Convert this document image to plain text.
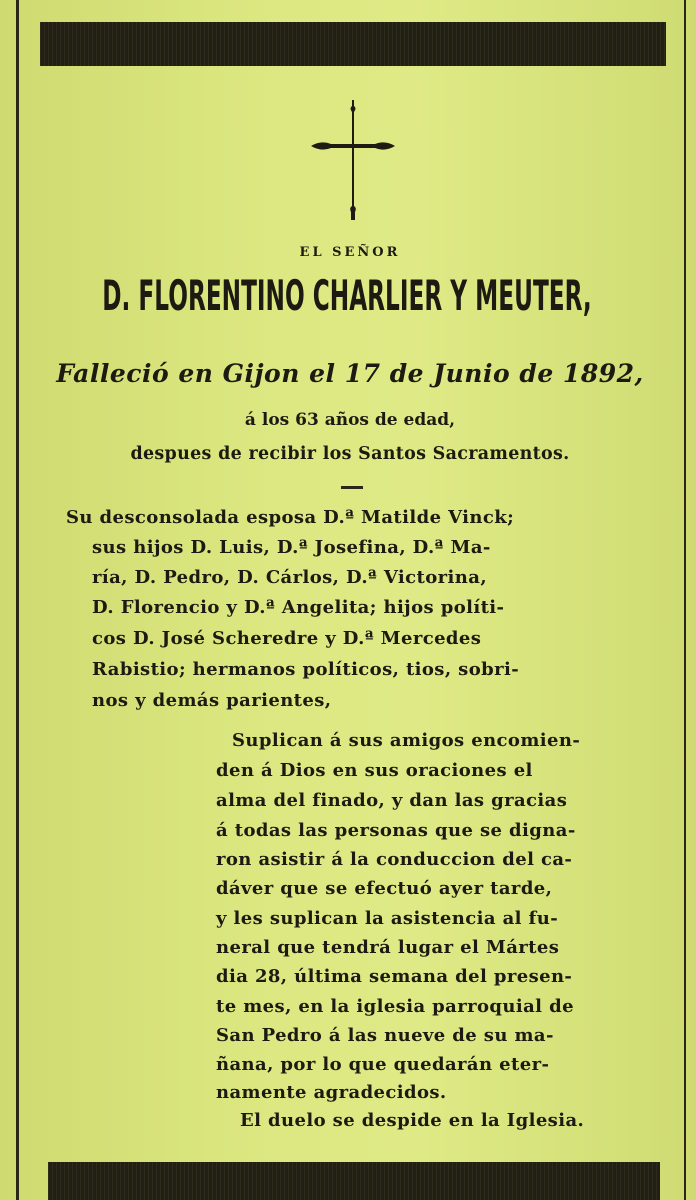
EL SEÑOR
D. FLORENTINO CHARLIER Y MEUTER,
Falleció en Gijon el 17 de Junio de 1892,
á los 63 años de edad,
despues de recibir los Santos Sacramentos.
Su desconsolada esposa D.ª Matilde Vinck;
sus hijos D. Luis, D.ª Josefina, D.ª Ma-
ría, D. Pedro, D. Cárlos, D.ª Victorina,
D. Florencio y D.ª Angelita; hijos políti-
cos D. José Scheredre y D.ª Mercedes
Rabistio; hermanos políticos, tios, sobri-
nos y demás parientes,
Suplican á sus amigos encomien-
den á Dios en sus oraciones el
alma del finado, y dan las gracias
á todas las personas que se digna-
ron asistir á la conduccion del ca-
dáver que se efectuó ayer tarde,
y les suplican la asistencia al fu-
neral que tendrá lugar el Mártes
dia 28, última semana del presen-
te mes, en la iglesia parroquial de
San Pedro á las nueve de su ma-
ñana, por lo que quedarán eter-
namente agradecidos.
El duelo se despide en la Iglesia.
